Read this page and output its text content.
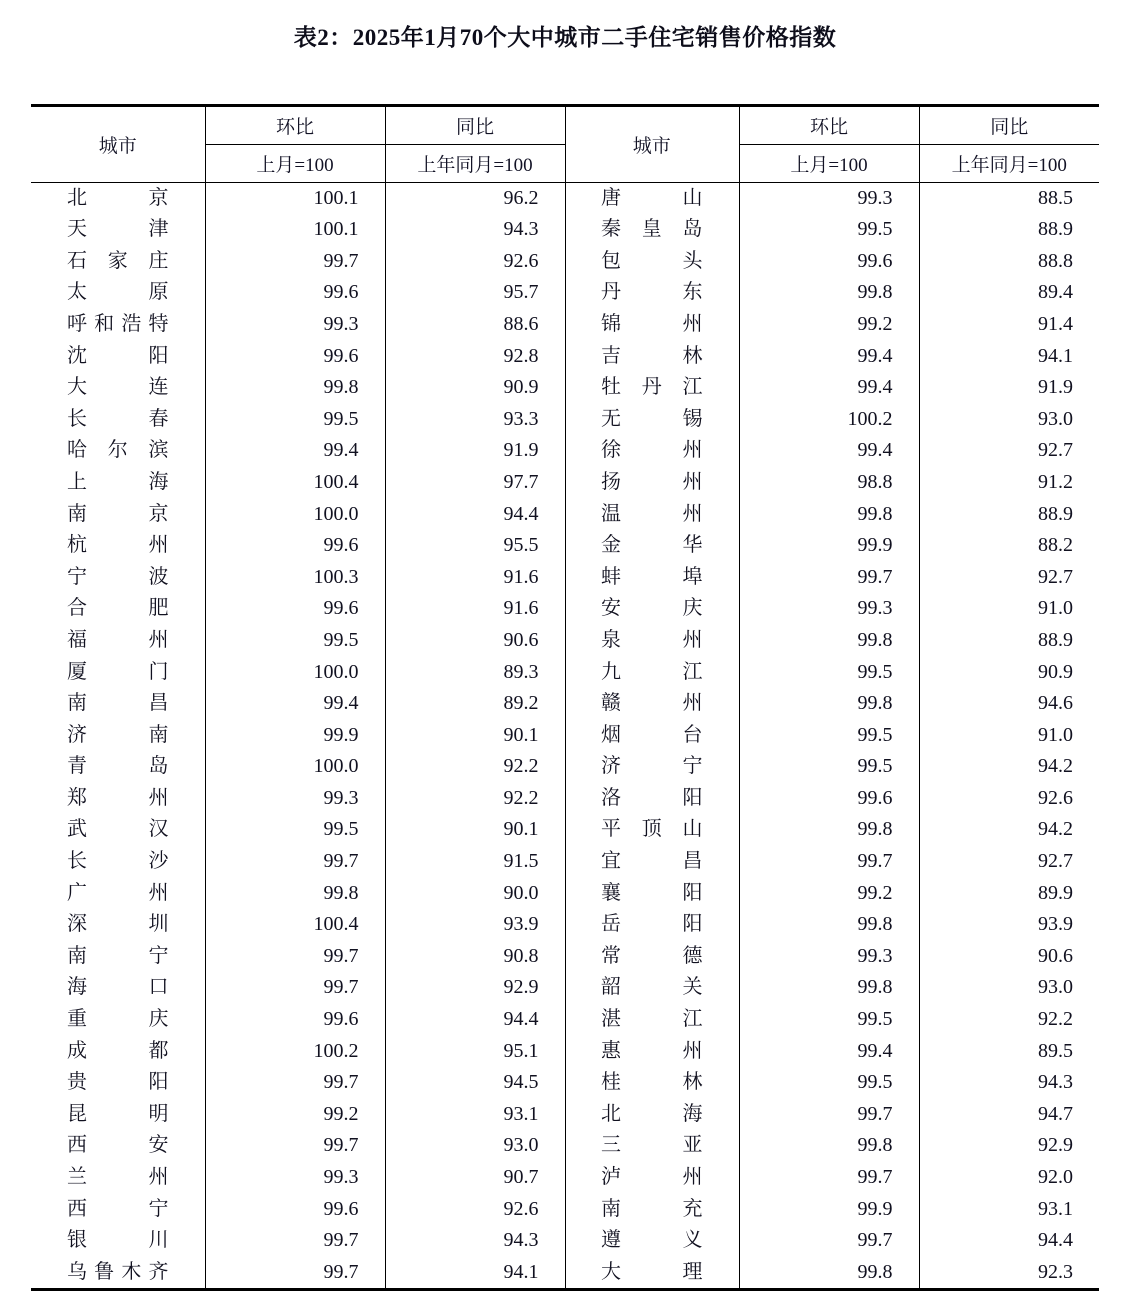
表2：2025年1月70个大中城市二手住宅销售价格指数
城市	环比	同比		城市	环比	同比
	上月=100	上年同月=100		上月=100	上年同月=100
北京	100.1	96.2		唐山	99.3	88.5
天津	100.1	94.3		秦皇岛	99.5	88.9
石家庄	99.7	92.6		包头	99.6	88.8
太原	99.6	95.7		丹东	99.8	89.4
呼和浩特	99.3	88.6		锦州	99.2	91.4
沈阳	99.6	92.8		吉林	99.4	94.1
大连	99.8	90.9		牡丹江	99.4	91.9
长春	99.5	93.3		无锡	100.2	93.0
哈尔滨	99.4	91.9		徐州	99.4	92.7
上海	100.4	97.7		扬州	98.8	91.2
南京	100.0	94.4		温州	99.8	88.9
杭州	99.6	95.5		金华	99.9	88.2
宁波	100.3	91.6		蚌埠	99.7	92.7
合肥	99.6	91.6		安庆	99.3	91.0
福州	99.5	90.6		泉州	99.8	88.9
厦门	100.0	89.3		九江	99.5	90.9
南昌	99.4	89.2		赣州	99.8	94.6
济南	99.9	90.1		烟台	99.5	91.0
青岛	100.0	92.2		济宁	99.5	94.2
郑州	99.3	92.2		洛阳	99.6	92.6
武汉	99.5	90.1		平顶山	99.8	94.2
长沙	99.7	91.5		宜昌	99.7	92.7
广州	99.8	90.0		襄阳	99.2	89.9
深圳	100.4	93.9		岳阳	99.8	93.9
南宁	99.7	90.8		常德	99.3	90.6
海口	99.7	92.9		韶关	99.8	93.0
重庆	99.6	94.4		湛江	99.5	92.2
成都	100.2	95.1		惠州	99.4	89.5
贵阳	99.7	94.5		桂林	99.5	94.3
昆明	99.2	93.1		北海	99.7	94.7
西安	99.7	93.0		三亚	99.8	92.9
兰州	99.3	90.7		泸州	99.7	92.0
西宁	99.6	92.6		南充	99.9	93.1
银川	99.7	94.3		遵义	99.7	94.4
乌鲁木齐	99.7	94.1		大理	99.8	92.3
